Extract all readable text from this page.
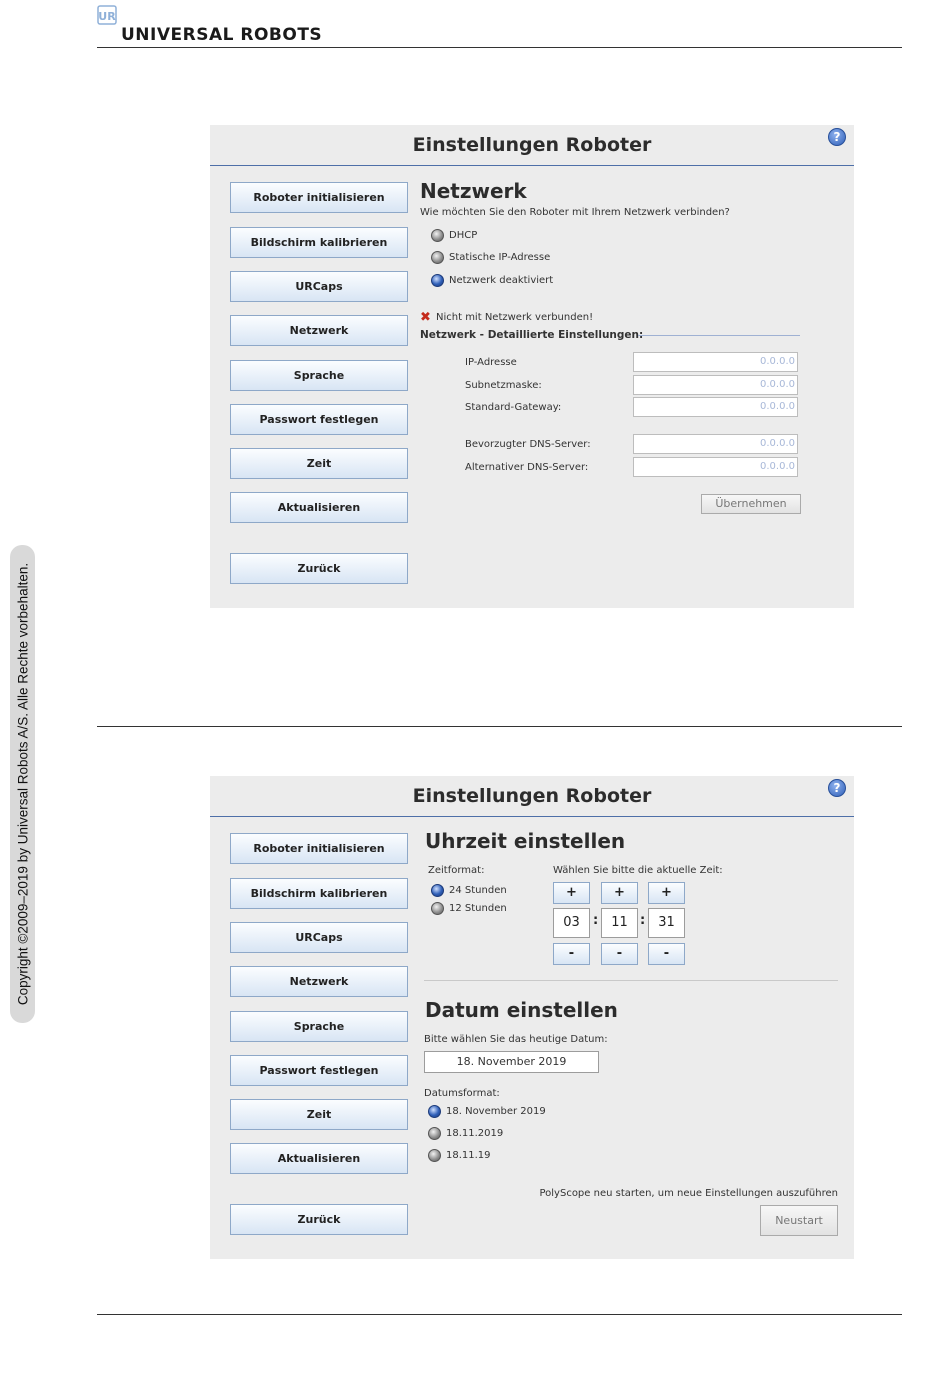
UR
UNIVERSAL ROBOTS
Copyright ©2009–2019 by Universal Robots A/S. Alle Rechte vorbehalten.
Einstellungen Roboter	?
Roboter initialisieren
Bildschirm kalibrieren
URCaps
Netzwerk
Sprache
Passwort festlegen
Zeit
Aktualisieren
Zurück
Netzwerk
Wie möchten Sie den Roboter mit Ihrem Netzwerk verbinden?
DHCP
Statische IP-Adresse
Netzwerk deaktiviert
✖ Nicht mit Netzwerk verbunden!
Netzwerk - Detaillierte Einstellungen:
IP-Adresse	0.0.0.0
Subnetzmaske:	0.0.0.0
Standard-Gateway:	0.0.0.0
Bevorzugter DNS-Server:	0.0.0.0
Alternativer DNS-Server:	0.0.0.0
Übernehmen
Einstellungen Roboter	?
Roboter initialisieren
Bildschirm kalibrieren
URCaps
Netzwerk
Sprache
Passwort festlegen
Zeit
Aktualisieren
Zurück
Uhrzeit einstellen
Zeitformat:
24 Stunden
12 Stunden
Wählen Sie bitte die aktuelle Zeit:
+	+	+
03	:	11 :	31
-	-	-
Datum einstellen
Bitte wählen Sie das heutige Datum:
18. November 2019
Datumsformat:
18. November 2019
18.11.2019
18.11.19
PolyScope neu starten, um neue Einstellungen auszuführen
Neustart
